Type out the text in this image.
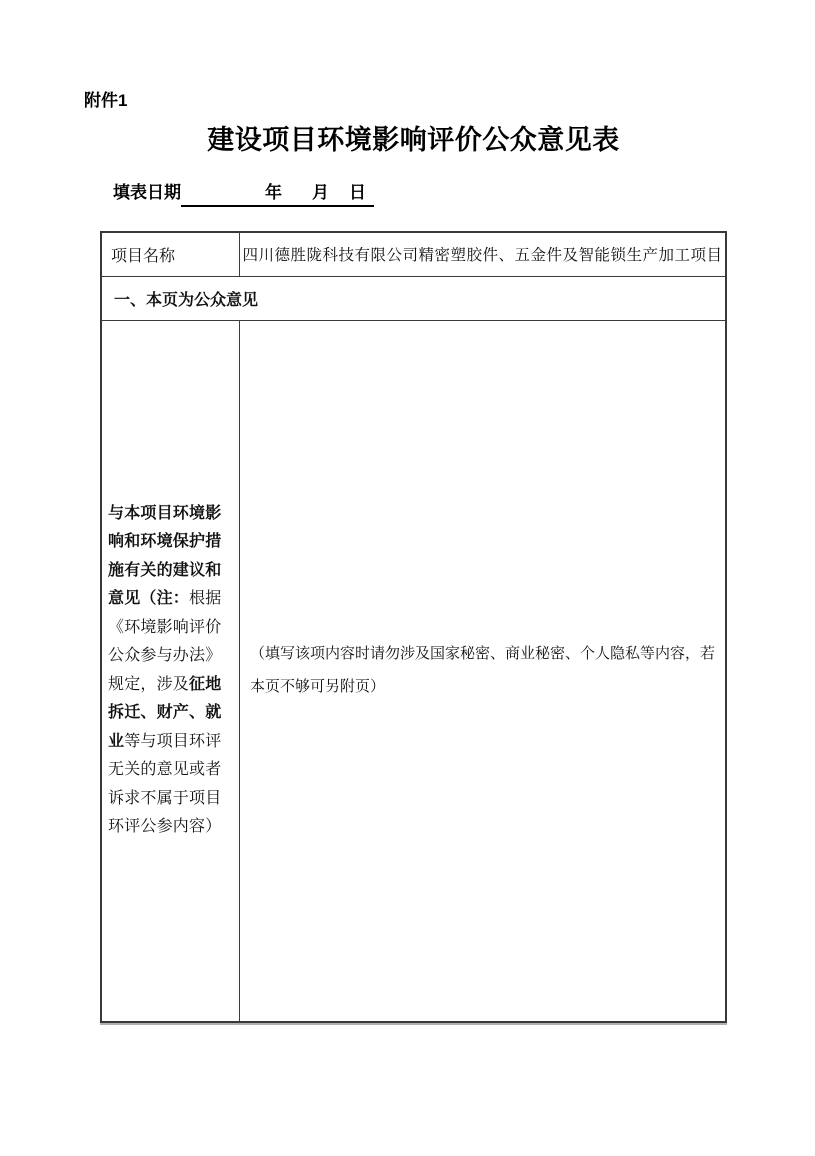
附件1
建设项目环境影响评价公众意见表
填表日期	年 月 日
项目名称	四川德胜陇科技有限公司精密塑胶件、五金件及智能锁生产加工项目
一、本页为公众意见	
与本项目环境影响和环境保护措施有关的建议和意见（注：根据《环境影响评价公众参与办法》规定，涉及征地拆迁、财产、就业等与项目环评无关的意见或者诉求不属于项目环评公参内容）	（填写该项内容时请勿涉及国家秘密、商业秘密、个人隐私等内容，若本页不够可另附页）
